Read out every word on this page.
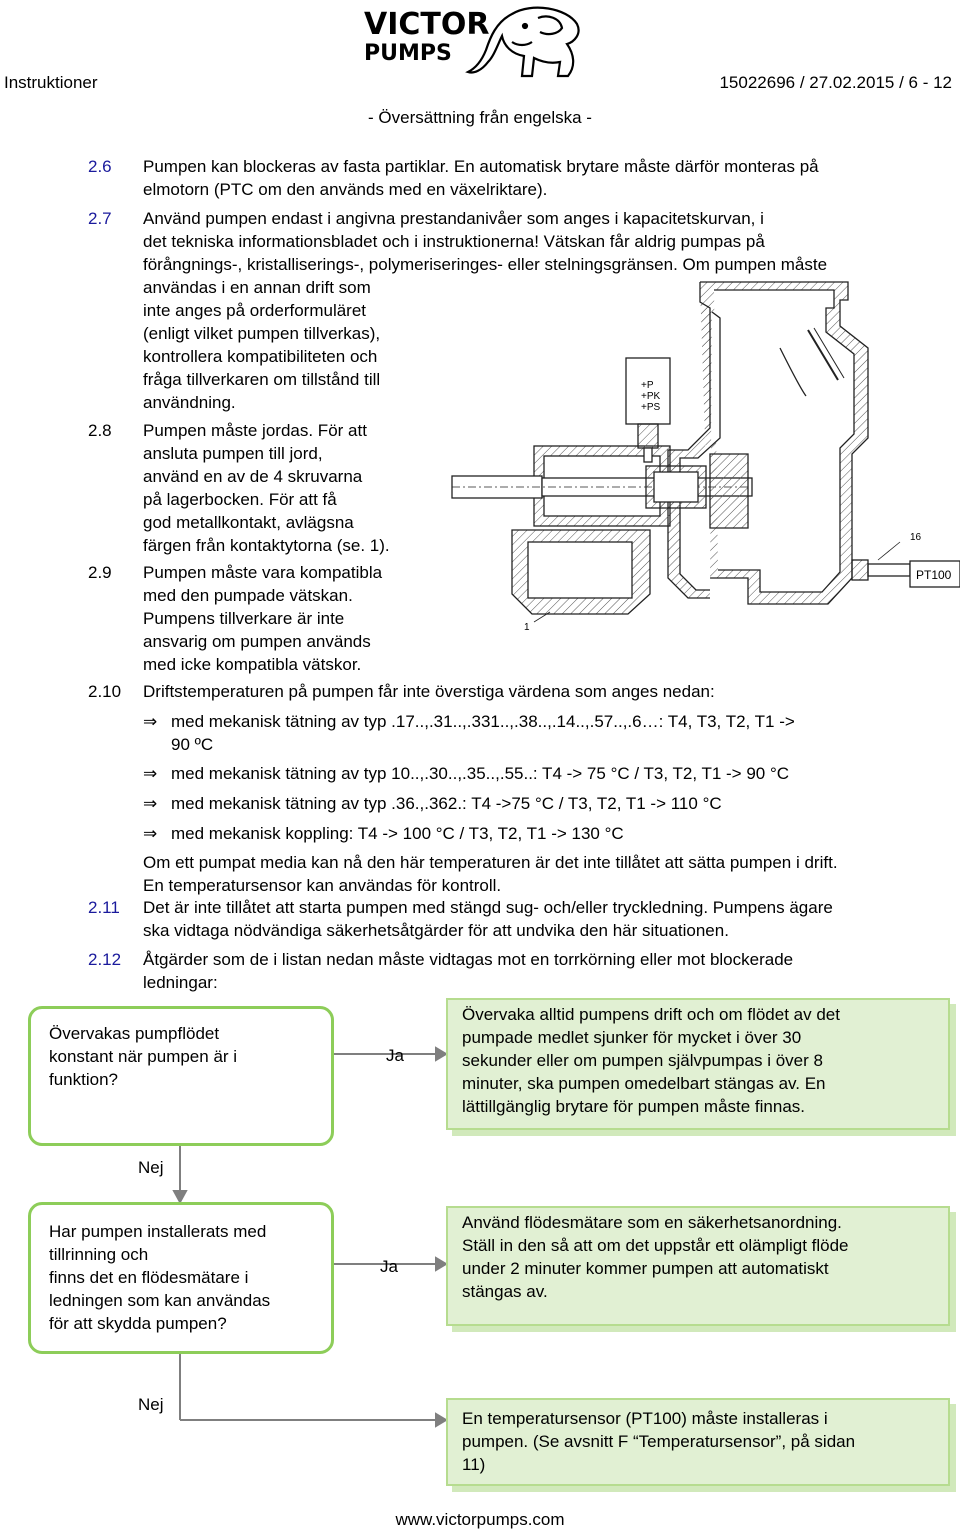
VICTOR
PUMPS
Instruktioner	15022696 / 27.02.2015 / 6 - 12
- Översättning från engelska -
2.6 Pumpen kan blockeras av fasta partiklar. En automatisk brytare måste därför monteras på
elmotorn (PTC om den används med en växelriktare).
2.7 Använd pumpen endast i angivna prestandanivåer som anges i kapacitetskurvan, i
det tekniska informationsbladet och i instruktionerna! Vätskan får aldrig pumpas på
förångnings-, kristalliserings-, polymeriseringes- eller stelningsgränsen. Om pumpen måste
användas i en annan drift som
inte anges på orderformuläret
(enligt vilket pumpen tillverkas),
kontrollera kompatibiliteten och
fråga tillverkaren om tillstånd till
användning.
2.8 Pumpen måste jordas. För att
ansluta pumpen till jord,
använd en av de 4 skruvarna
på lagerbocken. För att få
god metallkontakt, avlägsna
färgen från kontaktytorna (se. 1).
2.9 Pumpen måste vara kompatibla
med den pumpade vätskan.
Pumpens tillverkare är inte
ansvarig om pumpen används
med icke kompatibla vätskor.
+P
+PK
+PS
16
PT100
1
2.10 Driftstemperaturen på pumpen får inte överstiga värdena som anges nedan:
⇒ med mekanisk tätning av typ .17..,.31..,.331..,.38..,.14..,.57..,.6…: T4, T3, T2, T1 ->
90 ºC
⇒ med mekanisk tätning av typ 10..,.30..,.35..,.55..: T4 -> 75 °C / T3, T2, T1 -> 90 °C
⇒ med mekanisk tätning av typ .36.,.362.: T4 ->75 °C / T3, T2, T1 -> 110 °C
⇒ med mekanisk koppling: T4 -> 100 °C / T3, T2, T1 -> 130 °C
Om ett pumpat media kan nå den här temperaturen är det inte tillåtet att sätta pumpen i drift.
En temperatursensor kan användas för kontroll.
2.11 Det är inte tillåtet att starta pumpen med stängd sug- och/eller tryckledning. Pumpens ägare
ska vidtaga nödvändiga säkerhetsåtgärder för att undvika den här situationen.
2.12 Åtgärder som de i listan nedan måste vidtagas mot en torrkörning eller mot blockerade
ledningar:
Övervakas pumpflödet
konstant när pumpen är i
funktion?
Ja
Övervaka alltid pumpens drift och om flödet av det
pumpade medlet sjunker för mycket i över 30
sekunder eller om pumpen självpumpas i över 8
minuter, ska pumpen omedelbart stängas av. En
lättillgänglig brytare för pumpen måste finnas.
Nej
Har pumpen installerats med
tillrinning och
finns det en flödesmätare i
ledningen som kan användas
för att skydda pumpen?
Ja
Använd flödesmätare som en säkerhetsanordning.
Ställ in den så att om det uppstår ett olämpligt flöde
under 2 minuter kommer pumpen att automatiskt
stängas av.
Nej
En temperatursensor (PT100) måste installeras i
pumpen. (Se avsnitt F “Temperatursensor”, på sidan
11)
www.victorpumps.com
